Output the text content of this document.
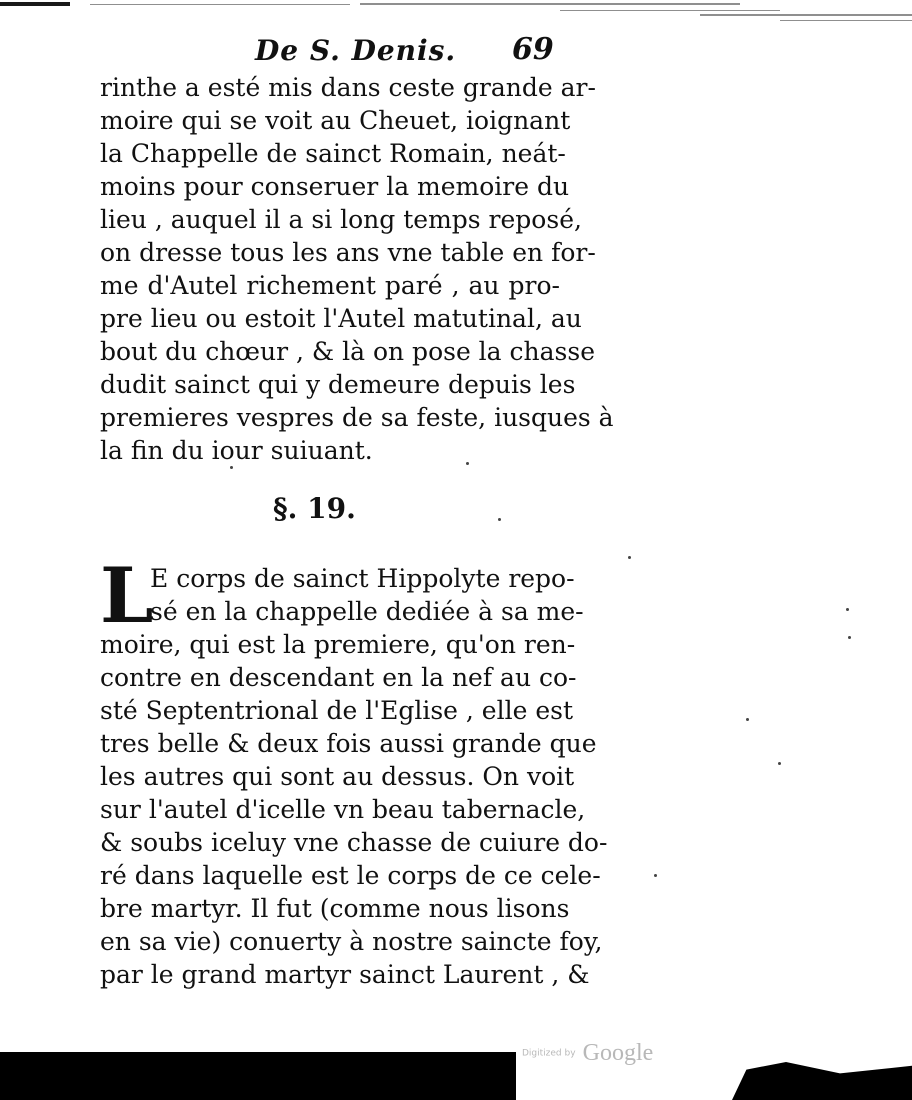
De S. Denis. 69
rinthe a esté mis dans ceste grande ar-
moire qui se voit au Cheuet, ioignant
la Chappelle de sainct Romain, neát-
moins pour conseruer la memoire du
lieu , auquel il a si long temps reposé,
on dresse tous les ans vne table en for-
me d'Autel richement paré , au pro-
pre lieu ou estoit l'Autel matutinal, au
bout du chœur , & là on pose la chasse
dudit sainct qui y demeure depuis les
premieres vespres de sa feste, iusques à
la fin du iour suiuant.
§. 19.
L
E corps de sainct Hippolyte repo-
sé en la chappelle dediée à sa me-
moire, qui est la premiere, qu'on ren-
contre en descendant en la nef au co-
sté Septentrional de l'Eglise , elle est
tres belle & deux fois aussi grande que
les autres qui sont au dessus. On voit
sur l'autel d'icelle vn beau tabernacle,
& soubs iceluy vne chasse de cuiure do-
ré dans laquelle est le corps de ce cele-
bre martyr. Il fut (comme nous lisons
en sa vie) conuerty à nostre saincte foy,
par le grand martyr sainct Laurent , &
Digitized by Google
